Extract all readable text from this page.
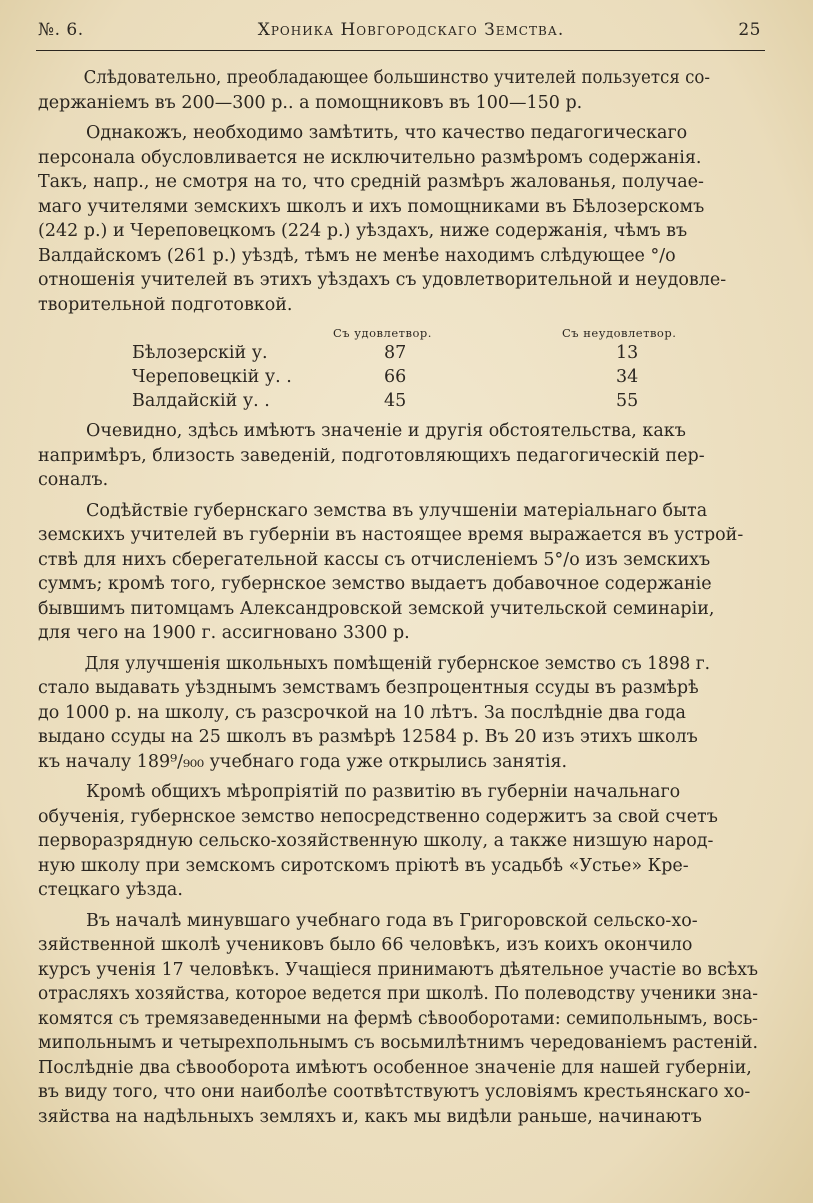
№. 6.	Хроника Новгородскаго Земства.	25
Слѣдовательно, преобладающее большинство учителей пользуется со-
держаніемъ въ 200—300 р.. а помощниковъ въ 100—150 р.
Однакожъ, необходимо замѣтить, что качество педагогическаго
персонала обусловливается не исключительно размѣромъ содержанія.
Такъ, напр., не смотря на то, что средній размѣръ жалованья, получае-
маго учителями земскихъ школъ и ихъ помощниками въ Бѣлозерскомъ
(242 р.) и Череповецкомъ (224 р.) уѣздахъ, ниже содержанія, чѣмъ въ
Валдайскомъ (261 р.) уѣздѣ, тѣмъ не менѣе находимъ слѣдующее °/o
отношенія учителей въ этихъ уѣздахъ съ удовлетворительной и неудовле-
творительной подготовкой.
Съ удовлетвор.	Съ неудовлетвор.
Бѣлозерскій у.	87	13
Череповецкій у. .	66	34
Валдайскій у. .	45	55
Очевидно, здѣсь имѣютъ значеніе и другія обстоятельства, какъ
напримѣръ, близость заведеній, подготовляющихъ педагогическій пер-
соналъ.
Содѣйствіе губернскаго земства въ улучшеніи матеріальнаго быта
земскихъ учителей въ губерніи въ настоящее время выражается въ устрой-
ствѣ для нихъ сберегательной кассы съ отчисленіемъ 5°/o изъ земскихъ
суммъ; кромѣ того, губернское земство выдаетъ добавочное содержаніе
бывшимъ питомцамъ Александровской земской учительской семинаріи,
для чего на 1900 г. ассигновано 3300 р.
Для улучшенія школьныхъ помѣщеній губернское земство съ 1898 г.
стало выдавать уѣзднымъ земствамъ безпроцентныя ссуды въ размѣрѣ
до 1000 р. на школу, съ разсрочкой на 10 лѣтъ. За послѣдніе два года
выдано ссуды на 25 школъ въ размѣрѣ 12584 р. Въ 20 изъ этихъ школъ
къ началу 189⁹/₉₀₀ учебнаго года уже открылись занятія.
Кромѣ общихъ мѣропріятій по развитію въ губерніи начальнаго
обученія, губернское земство непосредственно содержитъ за свой счетъ
перворазрядную сельско-хозяйственную школу, а также низшую народ-
ную школу при земскомъ сиротскомъ пріютѣ въ усадьбѣ «Устье» Кре-
стецкаго уѣзда.
Въ началѣ минувшаго учебнаго года въ Григоровской сельско-хо-
зяйственной школѣ учениковъ было 66 человѣкъ, изъ коихъ окончило
курсъ ученія 17 человѣкъ. Учащіеся принимаютъ дѣятельное участіе во всѣхъ
отрасляхъ хозяйства, которое ведется при школѣ. По полеводству ученики зна-
комятся съ тремязаведенными на фермѣ сѣвооборотами: семипольнымъ, вось-
мипольнымъ и четырехпольнымъ съ восьмилѣтнимъ чередованіемъ растеній.
Послѣдніе два сѣвооборота имѣютъ особенное значеніе для нашей губерніи,
въ виду того, что они наиболѣе соотвѣтствуютъ условіямъ крестьянскаго хо-
зяйства на надѣльныхъ земляхъ и, какъ мы видѣли раньше, начинаютъ
